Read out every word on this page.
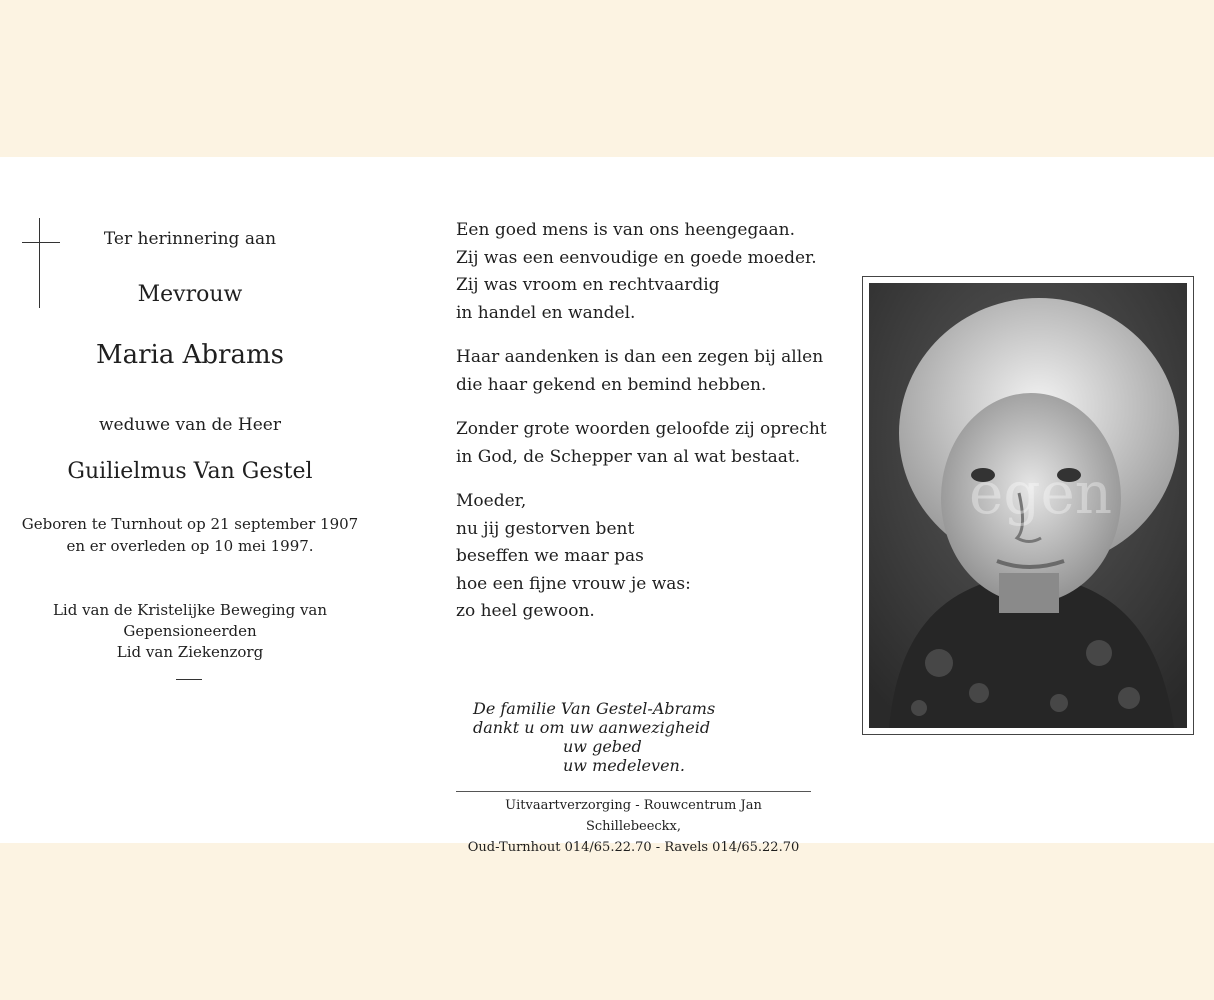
Ter herinnering aan
Mevrouw
Maria Abrams
weduwe van de Heer
Guilielmus Van Gestel
Geboren te Turnhout op 21 september 1907
en er overleden op 10 mei 1997.
Lid van de Kristelijke Beweging van
Gepensioneerden
Lid van Ziekenzorg
Een goed mens is van ons heengegaan.
Zij was een eenvoudige en goede moeder.
Zij was vroom en rechtvaardig
in handel en wandel.
Haar aandenken is dan een zegen bij allen
die haar gekend en bemind hebben.
Zonder grote woorden geloofde zij oprecht
in God, de Schepper van al wat bestaat.
Moeder,
nu jij gestorven bent
beseffen we maar pas
hoe een fijne vrouw je was:
zo heel gewoon.
De familie Van Gestel-Abrams
dankt u om uw aanwezigheid
uw gebed
uw medeleven.
Uitvaartverzorging - Rouwcentrum Jan Schillebeeckx,
Oud-Turnhout 014/65.22.70 - Ravels 014/65.22.70
egen
